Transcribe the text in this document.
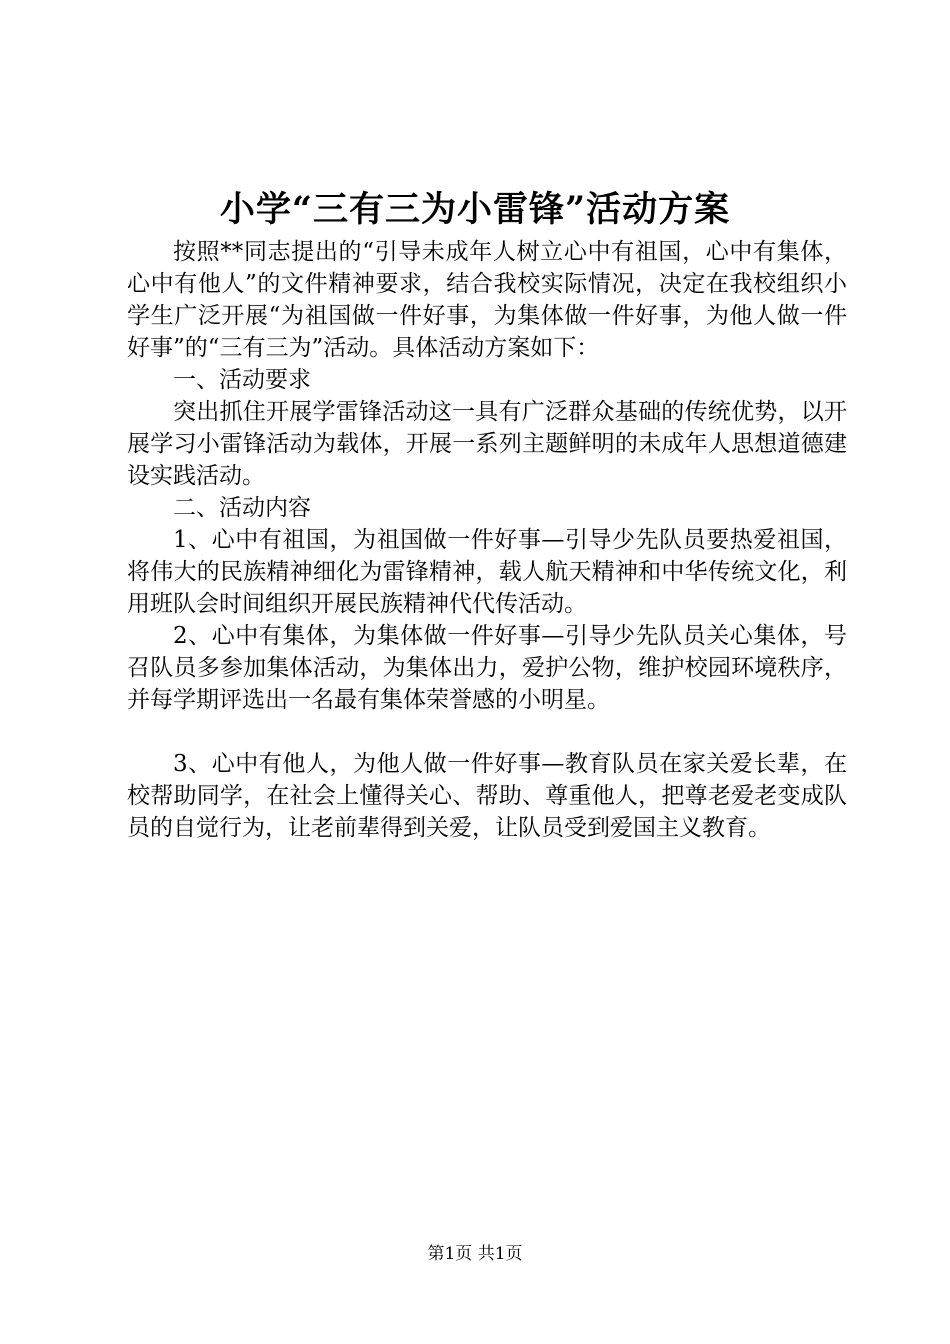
小学“三有三为小雷锋”活动方案

按照**同志提出的“引导未成年人树立心中有祖国，心中有集体，心中有他人”的文件精神要求，结合我校实际情况，决定在我校组织小学生广泛开展“为祖国做一件好事，为集体做一件好事，为他人做一件好事”的“三有三为”活动。具体活动方案如下：

一、活动要求

突出抓住开展学雷锋活动这一具有广泛群众基础的传统优势，以开展学习小雷锋活动为载体，开展一系列主题鲜明的未成年人思想道德建设实践活动。

二、活动内容

1、心中有祖国，为祖国做一件好事—引导少先队员要热爱祖国，将伟大的民族精神细化为雷锋精神，载人航天精神和中华传统文化，利用班队会时间组织开展民族精神代代传活动。

2、心中有集体，为集体做一件好事—引导少先队员关心集体，号召队员多参加集体活动，为集体出力，爱护公物，维护校园环境秩序，并每学期评选出一名最有集体荣誉感的小明星。

3、心中有他人，为他人做一件好事—教育队员在家关爱长辈，在校帮助同学，在社会上懂得关心、帮助、尊重他人，把尊老爱老变成队员的自觉行为，让老前辈得到关爱，让队员受到爱国主义教育。

第1页 共1页
